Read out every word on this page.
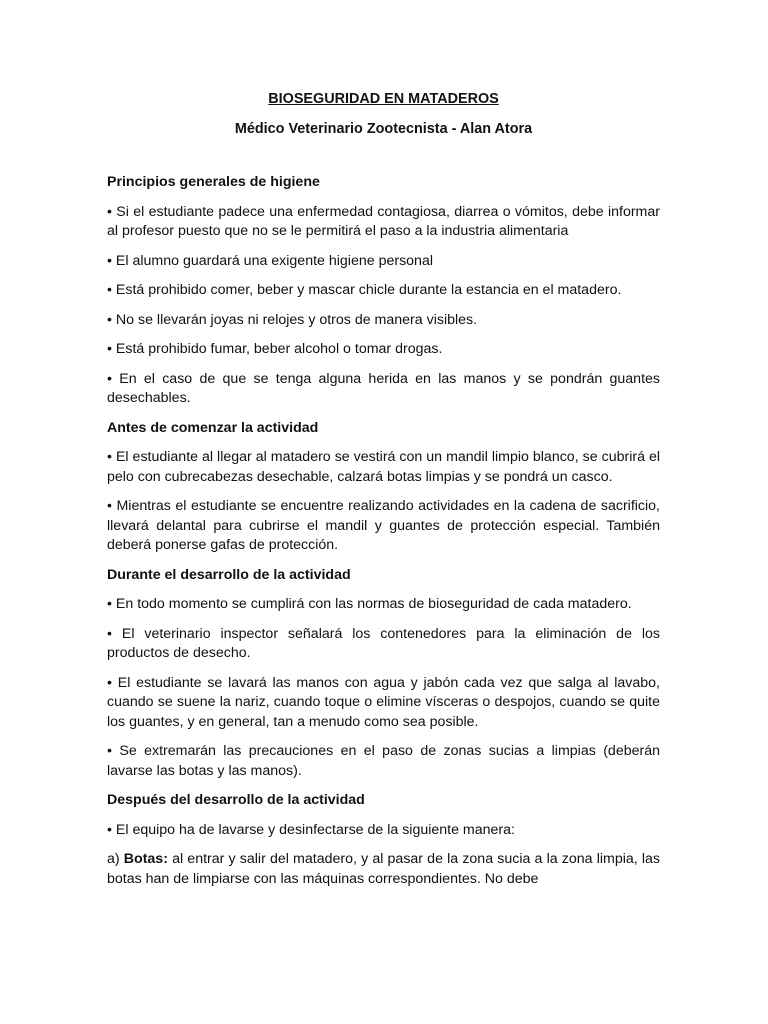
BIOSEGURIDAD EN MATADEROS
Médico Veterinario Zootecnista - Alan Atora
Principios generales de higiene
• Si el estudiante padece una enfermedad contagiosa, diarrea o vómitos, debe informar al profesor puesto que no se le permitirá el paso a la industria alimentaria
• El alumno guardará una exigente higiene personal
• Está prohibido comer, beber y mascar chicle durante la estancia en el matadero.
• No se llevarán joyas ni relojes y otros de manera visibles.
• Está prohibido fumar, beber alcohol o tomar drogas.
• En el caso de que se tenga alguna herida en las manos y se pondrán guantes desechables.
Antes de comenzar la actividad
• El estudiante al llegar al matadero se vestirá con un mandil limpio blanco, se cubrirá el pelo con cubrecabezas desechable, calzará botas limpias y se pondrá un casco.
• Mientras el estudiante se encuentre realizando actividades en la cadena de sacrificio, llevará delantal para cubrirse el mandil y guantes de protección especial. También deberá ponerse gafas de protección.
Durante el desarrollo de la actividad
• En todo momento se cumplirá con las normas de bioseguridad de cada matadero.
• El veterinario inspector señalará los contenedores para la eliminación de los productos de desecho.
• El estudiante se lavará las manos con agua y jabón cada vez que salga al lavabo, cuando se suene la nariz, cuando toque o elimine vísceras o despojos, cuando se quite los guantes, y en general, tan a menudo como sea posible.
• Se extremarán las precauciones en el paso de zonas sucias a limpias (deberán lavarse las botas y las manos).
Después del desarrollo de la actividad
• El equipo ha de lavarse y desinfectarse de la siguiente manera:
a) Botas: al entrar y salir del matadero, y al pasar de la zona sucia a la zona limpia, las botas han de limpiarse con las máquinas correspondientes. No debe
